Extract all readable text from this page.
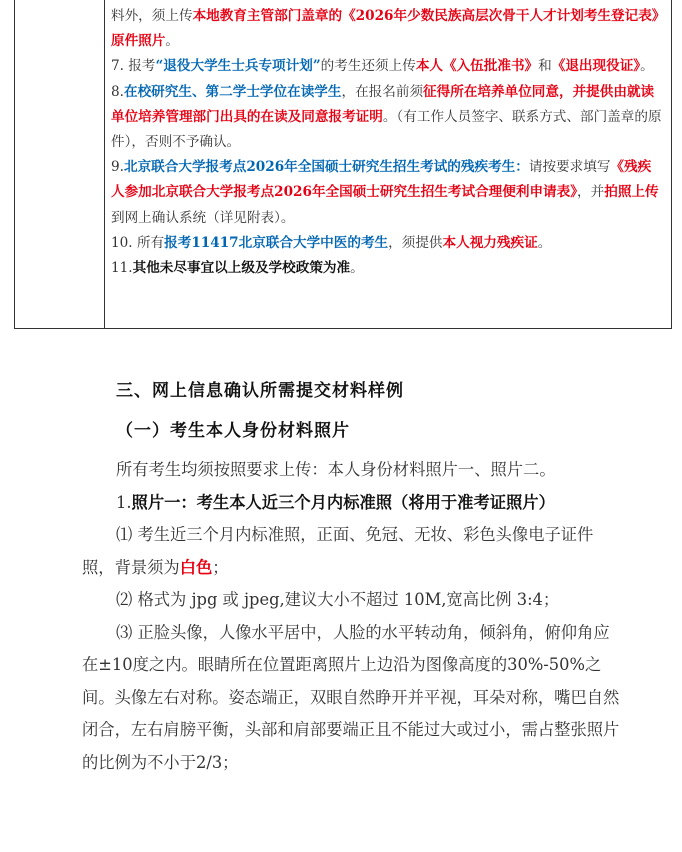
料外，须上传本地教育主管部门盖章的《2026年少数民族高层次骨干人才计划考生登记表》原件照片。

7. 报考“退役大学生士兵专项计划”的考生还须上传本人《入伍批准书》和《退出现役证》。

8.在校研究生、第二学士学位在读学生，在报名前须征得所在培养单位同意，并提供由就读单位培养管理部门出具的在读及同意报考证明。（有工作人员签字、联系方式、部门盖章的原件），否则不予确认。

9.北京联合大学报考点2026年全国硕士研究生招生考试的残疾考生：请按要求填写《残疾人参加北京联合大学报考点2026年全国硕士研究生招生考试合理便利申请表》，并拍照上传到网上确认系统（详见附表）。

10. 所有报考11417北京联合大学中医的考生，须提供本人视力残疾证。

11.其他未尽事宜以上级及学校政策为准。

三、网上信息确认所需提交材料样例
（一）考生本人身份材料照片

所有考生均须按照要求上传：本人身份材料照片一、照片二。

1.照片一：考生本人近三个月内标准照（将用于准考证照片）

⑴ 考生近三个月内标准照，正面、免冠、无妆、彩色头像电子证件照，背景须为白色；

⑵ 格式为 jpg 或 jpeg,建议大小不超过 10M,宽高比例 3:4；

⑶ 正脸头像，人像水平居中，人脸的水平转动角，倾斜角，俯仰角应在±10度之内。眼睛所在位置距离照片上边沿为图像高度的30%-50%之间。头像左右对称。姿态端正，双眼自然睁开并平视，耳朵对称，嘴巴自然闭合，左右肩膀平衡，头部和肩部要端正且不能过大或过小，需占整张照片的比例为不小于2/3；
